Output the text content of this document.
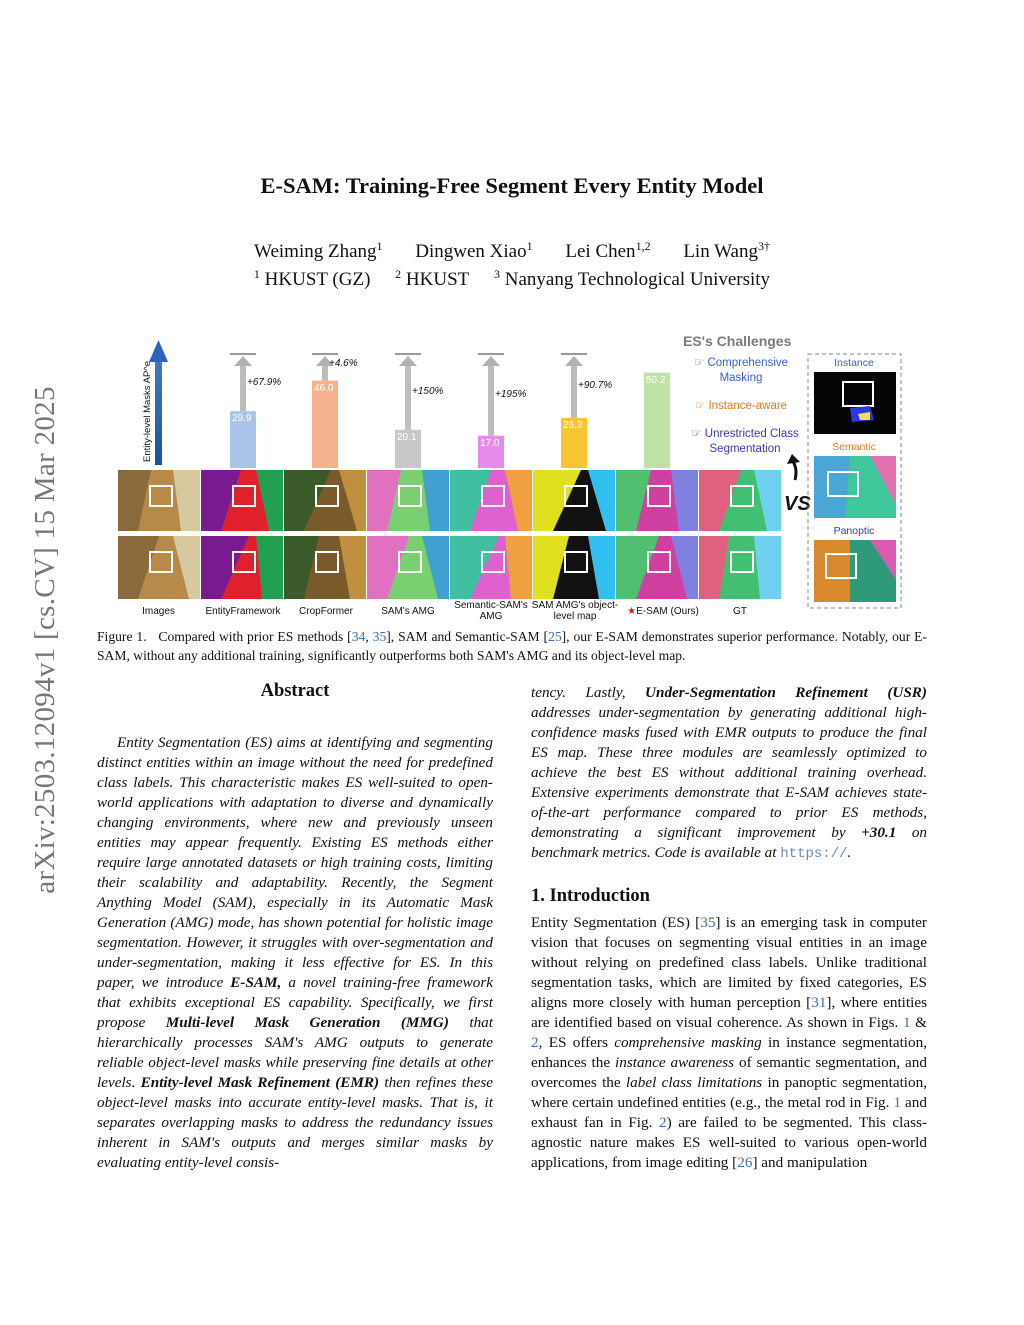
arXiv:2503.12094v1 [cs.CV] 15 Mar 2025
E-SAM: Training-Free Segment Every Entity Model
Weiming Zhang$^1$ Dingwen Xiao$^1$ Lei Chen$^{1,2}$ Lin Wang$^{3\dagger}$
$^1$ HKUST (GZ) $^2$ HKUST $^3$ Nanyang Technological University
VS
Entity-level Masks AP^e	29.9
+67.9%
46.0
+4.6%
20.1
+150%
17.0
+195%
26.3
+90.7%	50.2
ES's Challenges
☞ Comprehensive Masking
☞ Instance-aware
☞ Unrestricted Class Segmentation
Instance
Semantic
Panoptic
Images	EntityFramework	CropFormer	SAM's AMG
Semantic-SAM's AMG
SAM AMG's object-level map	★E-SAM (Ours)	GT
Figure 1. Compared with prior ES methods [34, 35], SAM and Semantic-SAM [25], our E-SAM demonstrates superior performance. Notably, our E-SAM, without any additional training, significantly outperforms both SAM's AMG and its object-level map.
Abstract
Entity Segmentation (ES) aims at identifying and segmenting distinct entities within an image without the need for predefined class labels. This characteristic makes ES well-suited to open-world applications with adaptation to diverse and dynamically changing environments, where new and previously unseen entities may appear frequently. Existing ES methods either require large annotated datasets or high training costs, limiting their scalability and adaptability. Recently, the Segment Anything Model (SAM), especially in its Automatic Mask Generation (AMG) mode, has shown potential for holistic image segmentation. However, it struggles with over-segmentation and under-segmentation, making it less effective for ES. In this paper, we introduce E-SAM, a novel training-free framework that exhibits exceptional ES capability. Specifically, we first propose Multi-level Mask Generation (MMG) that hierarchically processes SAM's AMG outputs to generate reliable object-level masks while preserving fine details at other levels. Entity-level Mask Refinement (EMR) then refines these object-level masks into accurate entity-level masks. That is, it separates overlapping masks to address the redundancy issues inherent in SAM's outputs and merges similar masks by evaluating entity-level consis-
tency. Lastly, Under-Segmentation Refinement (USR) addresses under-segmentation by generating additional high-confidence masks fused with EMR outputs to produce the final ES map. These three modules are seamlessly optimized to achieve the best ES without additional training overhead. Extensive experiments demonstrate that E-SAM achieves state-of-the-art performance compared to prior ES methods, demonstrating a significant improvement by +30.1 on benchmark metrics. Code is available at https://.
1. Introduction
Entity Segmentation (ES) [35] is an emerging task in computer vision that focuses on segmenting visual entities in an image without relying on predefined class labels. Unlike traditional segmentation tasks, which are limited by fixed categories, ES aligns more closely with human perception [31], where entities are identified based on visual coherence. As shown in Figs. 1 & 2, ES offers comprehensive masking in instance segmentation, enhances the instance awareness of semantic segmentation, and overcomes the label class limitations in panoptic segmentation, where certain undefined entities (e.g., the metal rod in Fig. 1 and exhaust fan in Fig. 2) are failed to be segmented. This class-agnostic nature makes ES well-suited to various open-world applications, from image editing [26] and manipulation
